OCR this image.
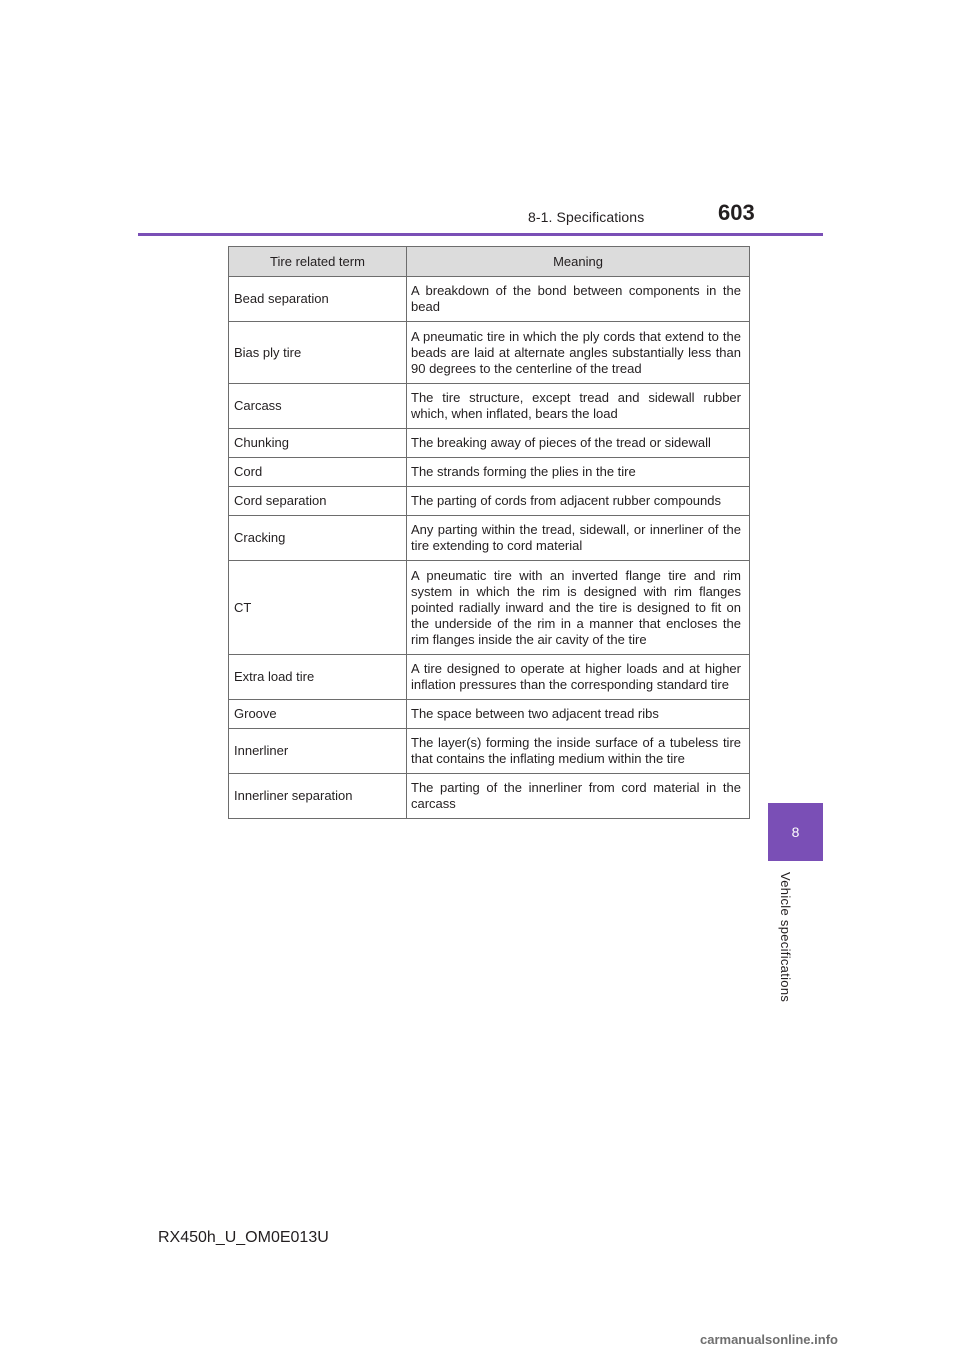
8-1. Specifications	603
8
Vehicle specifications
Tire related term	Meaning
Bead separation	A breakdown of the bond between components in the bead
Bias ply tire	A pneumatic tire in which the ply cords that extend to the beads are laid at alternate angles substantially less than 90 degrees to the centerline of the tread
Carcass	The tire structure, except tread and sidewall rubber which, when inflated, bears the load
Chunking	The breaking away of pieces of the tread or sidewall
Cord	The strands forming the plies in the tire
Cord separation	The parting of cords from adjacent rubber compounds
Cracking	Any parting within the tread, sidewall, or innerliner of the tire extending to cord material
CT	A pneumatic tire with an inverted flange tire and rim system in which the rim is designed with rim flanges pointed radially inward and the tire is designed to fit on the underside of the rim in a manner that encloses the rim flanges inside the air cavity of the tire
Extra load tire	A tire designed to operate at higher loads and at higher inflation pressures than the corresponding standard tire
Groove	The space between two adjacent tread ribs
Innerliner	The layer(s) forming the inside surface of a tubeless tire that contains the inflating medium within the tire
Innerliner separation	The parting of the innerliner from cord material in the carcass
RX450h_U_OM0E013U
carmanualsonline.info
